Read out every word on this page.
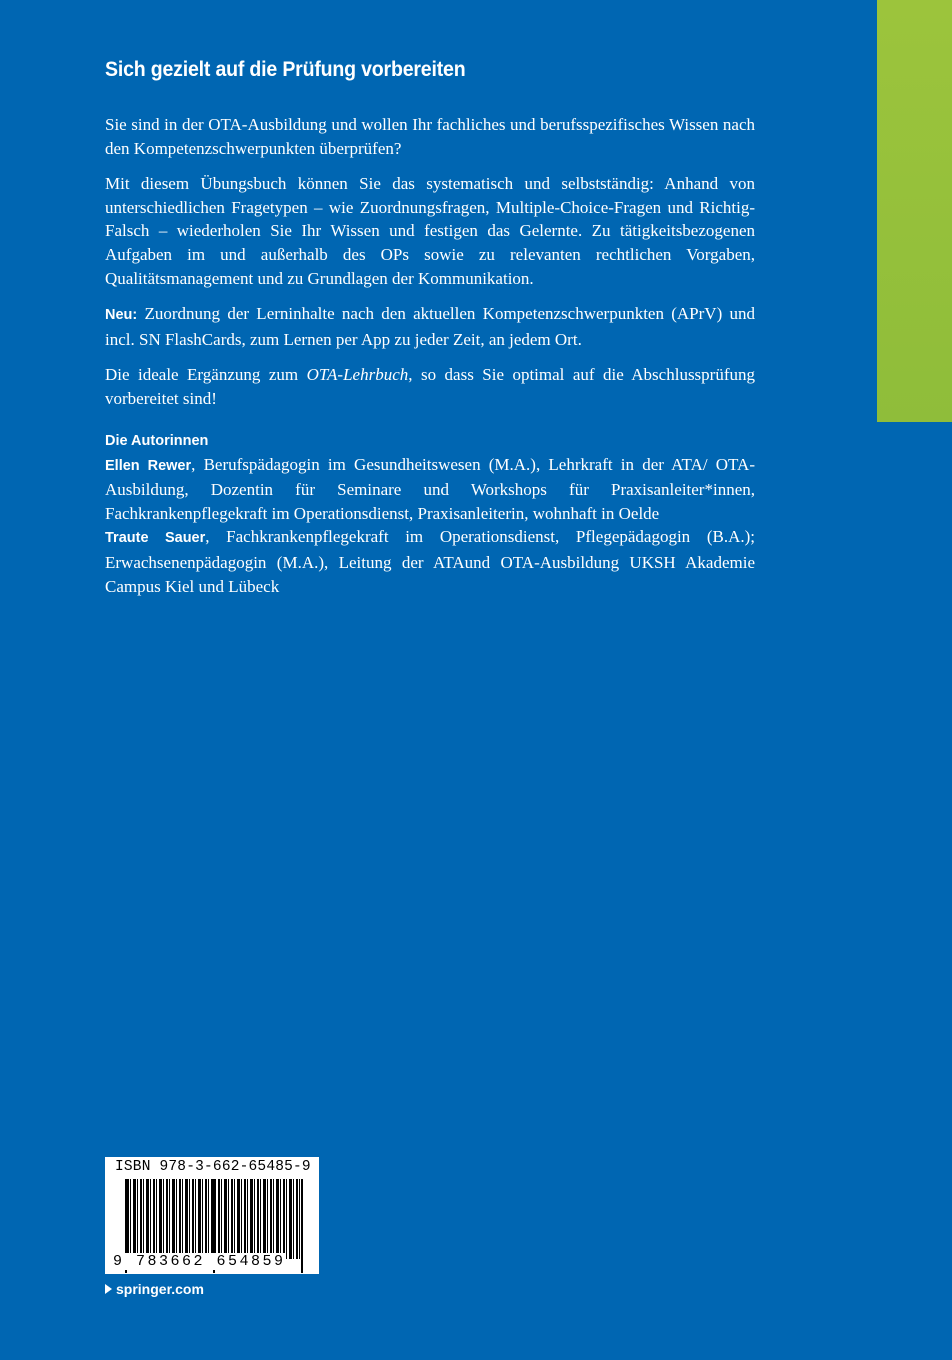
Sich gezielt auf die Prüfung vorbereiten

Sie sind in der OTA-Ausbildung und wollen Ihr fachliches und berufsspezifisches Wissen nach den Kompetenzschwerpunkten überprüfen?

Mit diesem Übungsbuch können Sie das systematisch und selbstständig: Anhand von unterschiedlichen Fragetypen – wie Zuordnungsfragen, Multiple-Choice-Fragen und Richtig-Falsch – wiederholen Sie Ihr Wissen und festigen das Gelernte. Zu tätigkeitsbezogenen Aufgaben im und außerhalb des OPs sowie zu relevanten rechtlichen Vorgaben, Qualitätsmanagement und zu Grundlagen der Kommunikation.

Neu: Zuordnung der Lerninhalte nach den aktuellen Kompetenzschwerpunkten (APrV) und incl. SN FlashCards, zum Lernen per App zu jeder Zeit, an jedem Ort.

Die ideale Ergänzung zum OTA-Lehrbuch, so dass Sie optimal auf die Abschlussprüfung vorbereitet sind!

Die Autorinnen

Ellen Rewer, Berufspädagogin im Gesundheitswesen (M.A.), Lehrkraft in der ATA/ OTA-Ausbildung, Dozentin für Seminare und Workshops für Praxisanleiter*innen, Fachkrankenpflegekraft im Operationsdienst, Praxisanleiterin, wohnhaft in Oelde

Traute Sauer, Fachkrankenpflegekraft im Operationsdienst, Pflegepädagogin (B.A.); Erwachsenenpädagogin (M.A.), Leitung der ATAund OTA-Ausbildung UKSH Akademie Campus Kiel und Lübeck

ISBN 978-3-662-65485-9
9 783662 654859
springer.com
